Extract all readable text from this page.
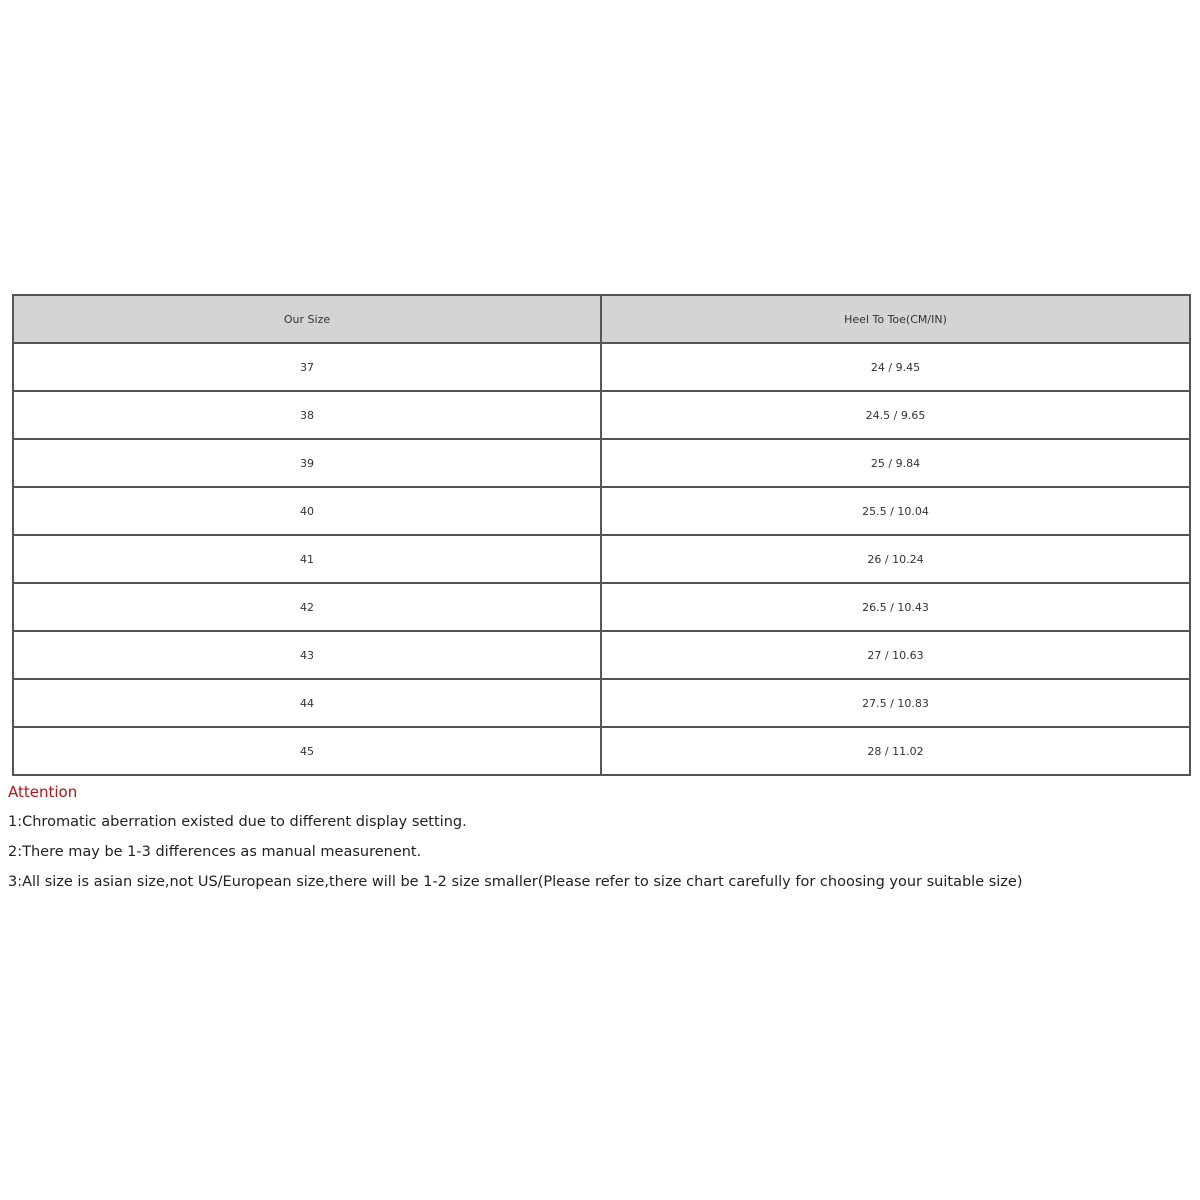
Our Size	Heel To Toe(CM/IN)
37	24 / 9.45
38	24.5 / 9.65
39	25 / 9.84
40	25.5 / 10.04
41	26 / 10.24
42	26.5 / 10.43
43	27 / 10.63
44	27.5 / 10.83
45	28 / 11.02

Attention

1:Chromatic aberration existed due to different display setting.

2:There may be 1-3 differences as manual measurenent.

3:All size is asian size,not US/European size,there will be 1-2 size smaller(Please refer to size chart carefully for choosing your suitable size)
